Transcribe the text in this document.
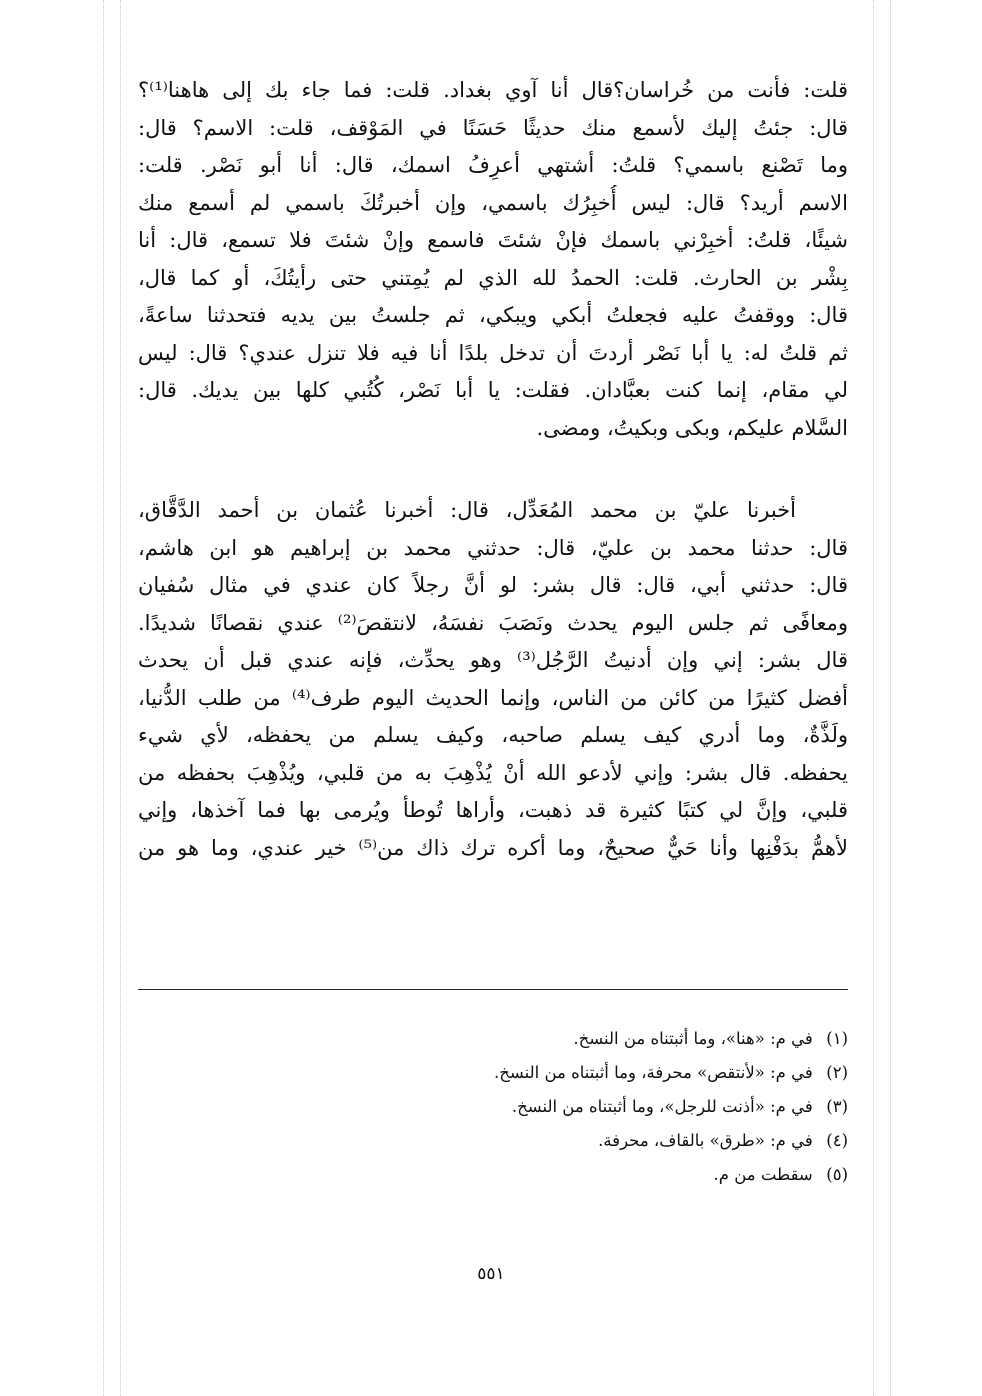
قلت: فأنت من خُراسان؟قال أنا آوي بغداد. قلت: فما جاء بك إلى هاهنا⁽¹⁾؟
قال: جئتُ إليك لأسمع منك حديثًا حَسَنًا في المَوْقف، قلت: الاسم؟ قال:
وما تَصْنع باسمي؟ قلتُ: أشتهي أعرِفُ اسمك، قال: أنا أبو نَصْر. قلت:
الاسم أريد؟ قال: ليس أُخبِرُك باسمي، وإن أخبرتُكَ باسمي لم أسمع منك
شيئًا، قلتُ: أخبِرْني باسمك فإنْ شئتَ فاسمع وإنْ شئتَ فلا تسمع، قال: أنا
بِشْر بن الحارث. قلت: الحمدُ لله الذي لم يُمِتني حتى رأيتُكَ، أو كما قال،
قال: ووقفتُ عليه فجعلتُ أبكي ويبكي، ثم جلستُ بين يديه فتحدثنا ساعةً،
ثم قلتُ له: يا أبا نَصْر أردتَ أن تدخل بلدًا أنا فيه فلا تنزل عندي؟ قال: ليس
لي مقام، إنما كنت بعبَّادان. فقلت: يا أبا نَصْر، كُتُبي كلها بين يديك. قال:
السَّلام عليكم، وبكى وبكيتُ، ومضى.

أخبرنا عليّ بن محمد المُعَدِّل، قال: أخبرنا عُثمان بن أحمد الدَّقَّاق،
قال: حدثنا محمد بن عليّ، قال: حدثني محمد بن إبراهيم هو ابن هاشم،
قال: حدثني أبي، قال: قال بشر: لو أنَّ رجلاً كان عندي في مثال سُفيان
ومعافًى ثم جلس اليوم يحدث ونَصَبَ نفسَهُ، لانتقصَ⁽²⁾ عندي نقصانًا شديدًا.
قال بشر: إني وإن أدنيتُ الرَّجُل⁽³⁾ وهو يحدِّث، فإنه عندي قبل أن يحدث
أفضل كثيرًا من كائن من الناس، وإنما الحديث اليوم طرف⁽⁴⁾ من طلب الدُّنيا،
ولَذَّةٌ، وما أدري كيف يسلم صاحبه، وكيف يسلم من يحفظه، لأي شيء
يحفظه. قال بشر: وإني لأدعو الله أنْ يُذْهِبَ به من قلبي، ويُذْهِبَ بحفظه من
قلبي، وإنَّ لي كتبًا كثيرة قد ذهبت، وأراها تُوطأ ويُرمى بها فما آخذها، وإني
لأهمُّ بدَفْنِها وأنا حَيٌّ صحيحٌ، وما أكره ترك ذاك من⁽⁵⁾ خير عندي، وما هو من

(١) في م: «هنا»، وما أثبتناه من النسخ.
(٢) في م: «لأنتقص» محرفة، وما أثبتناه من النسخ.
(٣) في م: «أذنت للرجل»، وما أثبتناه من النسخ.
(٤) في م: «طرق» بالقاف، محرفة.
(٥) سقطت من م.
٥٥١
